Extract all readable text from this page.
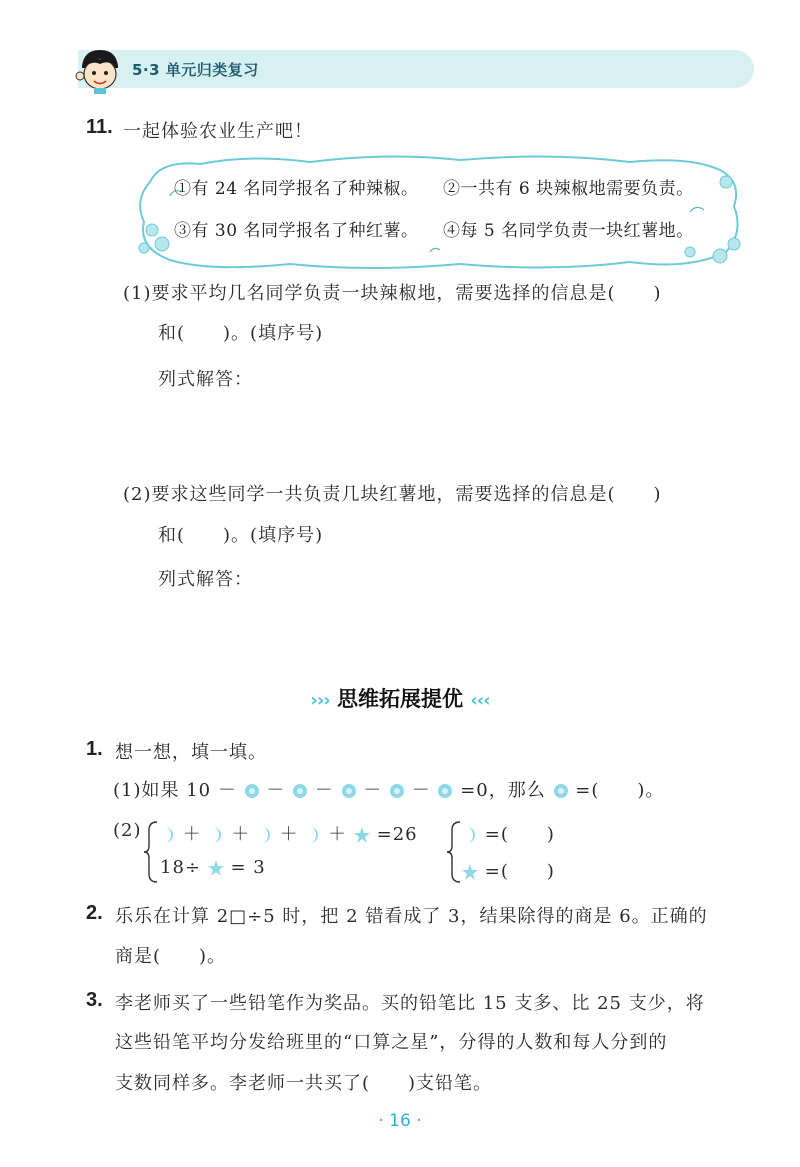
5·3 单元归类复习
11. 一起体验农业生产吧！
①有 24 名同学报名了种辣椒。 ②一共有 6 块辣椒地需要负责。
③有 30 名同学报名了种红薯。 ④每 5 名同学负责一块红薯地。
(1)要求平均几名同学负责一块辣椒地，需要选择的信息是(　　)
和(　　)。(填序号)
列式解答：
(2)要求这些同学一共负责几块红薯地，需要选择的信息是(　　)
和(　　)。(填序号)
列式解答：
››› 思维拓展提优 ‹‹‹
1. 想一想，填一填。
(1)如果 10 － － － － － =0，那么 =(　　)。
(2)	＋ ＋ ＋ ＋ =26
18÷ = 3
=(　　)
=(　　)
2. 乐乐在计算 2□÷5 时，把 2 错看成了 3，结果除得的商是 6。正确的
商是(　　)。
3. 李老师买了一些铅笔作为奖品。买的铅笔比 15 支多、比 25 支少，将
这些铅笔平均分发给班里的“口算之星”，分得的人数和每人分到的
支数同样多。李老师一共买了(　　)支铅笔。
· 16 ·
